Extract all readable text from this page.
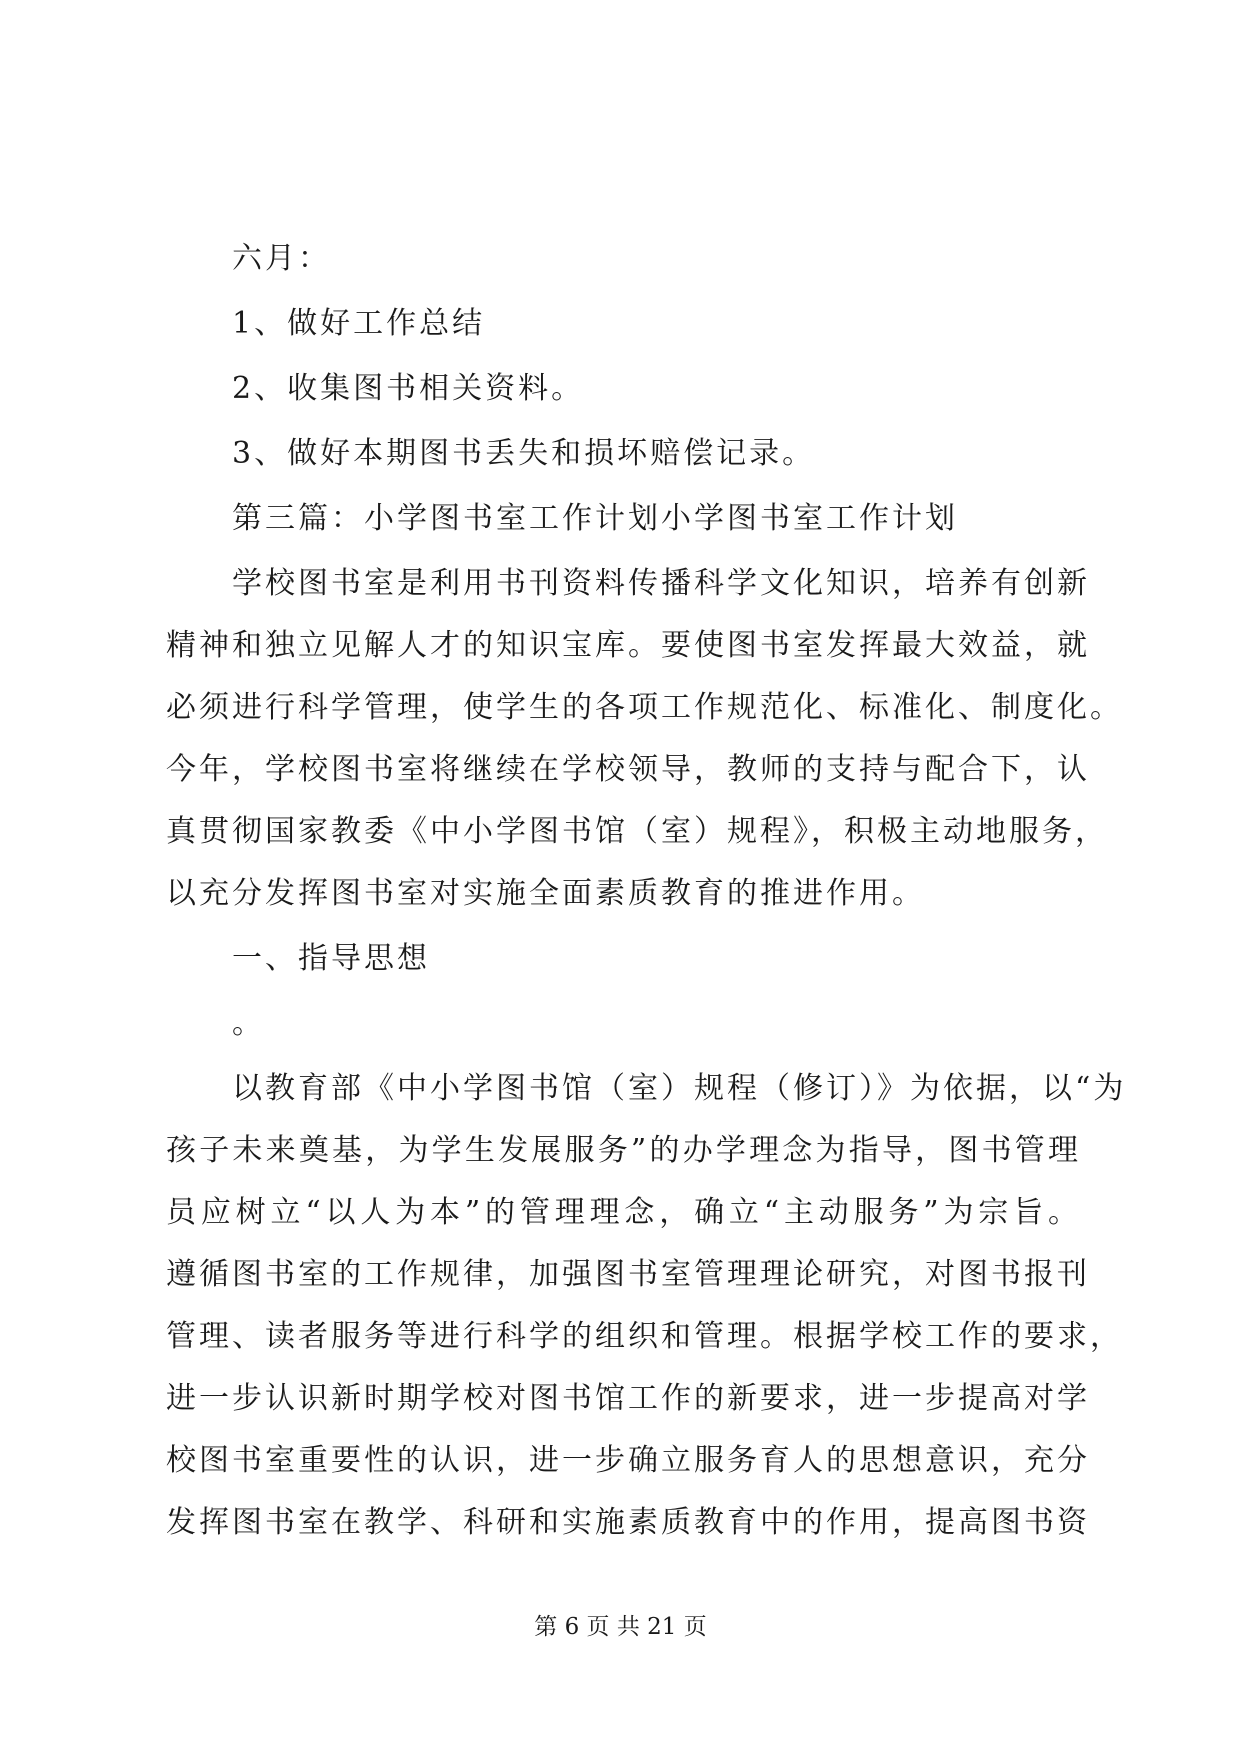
六月：
1、做好工作总结
2、收集图书相关资料。
3、做好本期图书丢失和损坏赔偿记录。
第三篇：小学图书室工作计划小学图书室工作计划
学校图书室是利用书刊资料传播科学文化知识，培养有创新
精神和独立见解人才的知识宝库。要使图书室发挥最大效益，就
必须进行科学管理，使学生的各项工作规范化、标准化、制度化。
今年，学校图书室将继续在学校领导，教师的支持与配合下，认
真贯彻国家教委《中小学图书馆（室）规程》，积极主动地服务，
以充分发挥图书室对实施全面素质教育的推进作用。
一、指导思想
。
以教育部《中小学图书馆（室）规程（修订）》为依据，以“为
孩子未来奠基，为学生发展服务”的办学理念为指导，图书管理
员应树立“以人为本”的管理理念，确立“主动服务”为宗旨。
遵循图书室的工作规律，加强图书室管理理论研究，对图书报刊
管理、读者服务等进行科学的组织和管理。根据学校工作的要求，
进一步认识新时期学校对图书馆工作的新要求，进一步提高对学
校图书室重要性的认识，进一步确立服务育人的思想意识，充分
发挥图书室在教学、科研和实施素质教育中的作用，提高图书资
第 6 页 共 21 页
